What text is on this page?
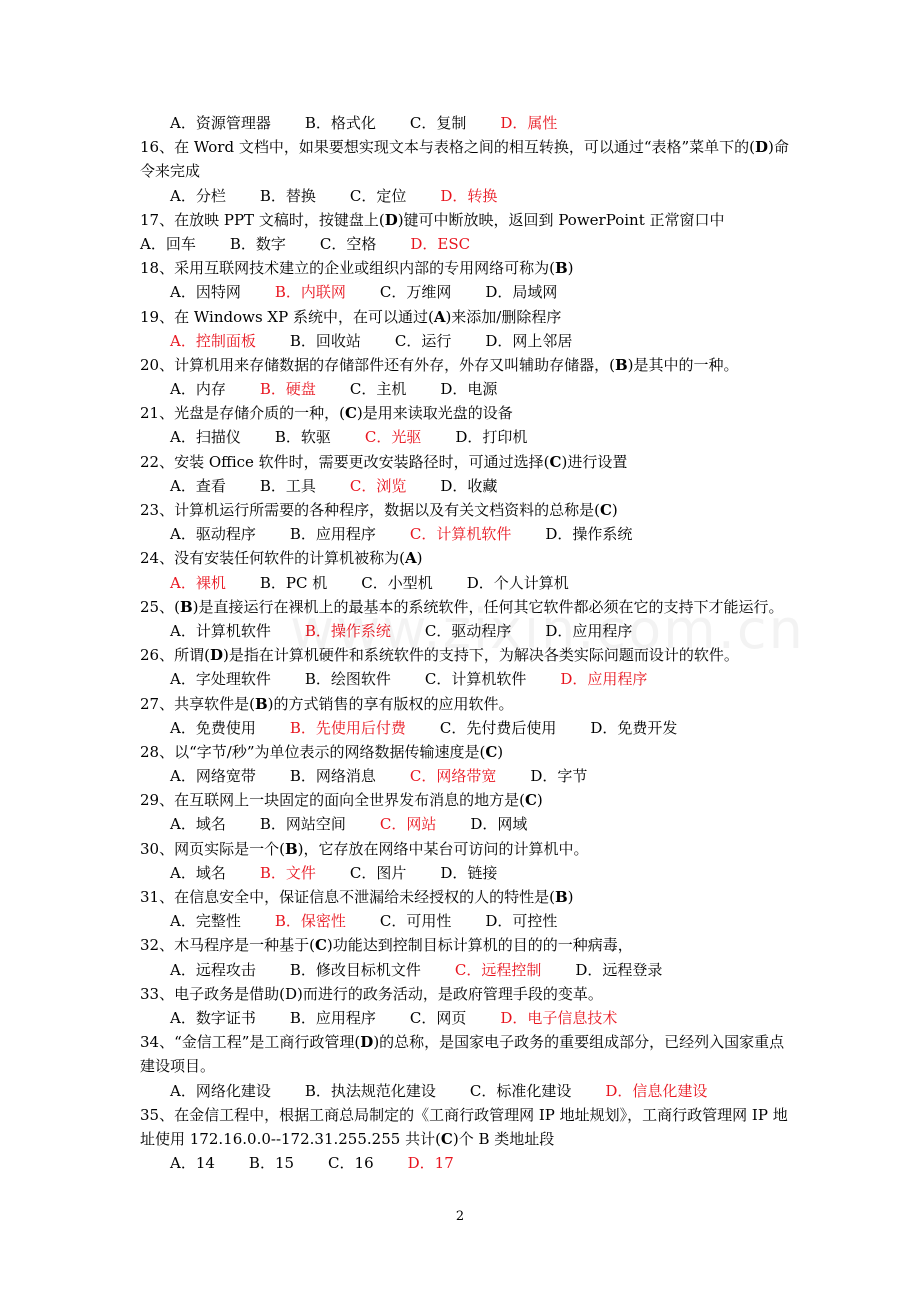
A．资源管理器 B．格式化 C．复制 D．属性
16、在 Word 文档中，如果要想实现文本与表格之间的相互转换，可以通过“表格”菜单下的(D)命令来完成
A．分栏 B．替换 C．定位 D．转换
17、在放映 PPT 文稿时，按键盘上(D)键可中断放映，返回到 PowerPoint 正常窗口中
A．回车 B．数字 C．空格 D．ESC
18、采用互联网技术建立的企业或组织内部的专用网络可称为(B)
A．因特网 B．内联网 C．万维网 D．局域网
19、在 Windows XP 系统中，在可以通过(A)来添加/删除程序
A．控制面板 B．回收站 C．运行 D．网上邻居
20、计算机用来存储数据的存储部件还有外存，外存又叫辅助存储器，(B)是其中的一种。
A．内存 B．硬盘 C．主机 D．电源
21、光盘是存储介质的一种，(C)是用来读取光盘的设备
A．扫描仪 B．软驱 C．光驱 D．打印机
22、安装 Office 软件时，需要更改安装路径时，可通过选择(C)进行设置
A．查看 B．工具 C．浏览 D．收藏
23、计算机运行所需要的各种程序，数据以及有关文档资料的总称是(C)
A．驱动程序 B．应用程序 C．计算机软件 D．操作系统
24、没有安装任何软件的计算机被称为(A)
A．裸机 B．PC 机 C．小型机 D．个人计算机
25、(B)是直接运行在裸机上的最基本的系统软件，任何其它软件都必须在它的支持下才能运行。
A．计算机软件 B．操作系统 C．驱动程序 D．应用程序
26、所谓(D)是指在计算机硬件和系统软件的支持下，为解决各类实际问题而设计的软件。
A．字处理软件 B．绘图软件 C．计算机软件 D．应用程序
27、共享软件是(B)的方式销售的享有版权的应用软件。
A．免费使用 B．先使用后付费 C．先付费后使用 D．免费开发
28、以“字节/秒”为单位表示的网络数据传输速度是(C)
A．网络宽带 B．网络消息 C．网络带宽 D．字节
29、在互联网上一块固定的面向全世界发布消息的地方是(C)
A．域名 B．网站空间 C．网站 D．网域
30、网页实际是一个(B)，它存放在网络中某台可访问的计算机中。
A．域名 B．文件 C．图片 D．链接
31、在信息安全中，保证信息不泄漏给未经授权的人的特性是(B)
A．完整性 B．保密性 C．可用性 D．可控性
32、木马程序是一种基于(C)功能达到控制目标计算机的目的的一种病毒，
A．远程攻击 B．修改目标机文件 C．远程控制 D．远程登录
33、电子政务是借助(D)而进行的政务活动，是政府管理手段的变革。
A．数字证书 B．应用程序 C．网页 D．电子信息技术
34、“金信工程”是工商行政管理(D)的总称，是国家电子政务的重要组成部分，已经列入国家重点建设项目。
A．网络化建设 B．执法规范化建设 C．标准化建设 D．信息化建设
35、在金信工程中，根据工商总局制定的《工商行政管理网 IP 地址规划》，工商行政管理网 IP 地址使用 172.16.0.0--172.31.255.255 共计(C)个 B 类地址段
A．14 B．15 C．16 D．17
2
